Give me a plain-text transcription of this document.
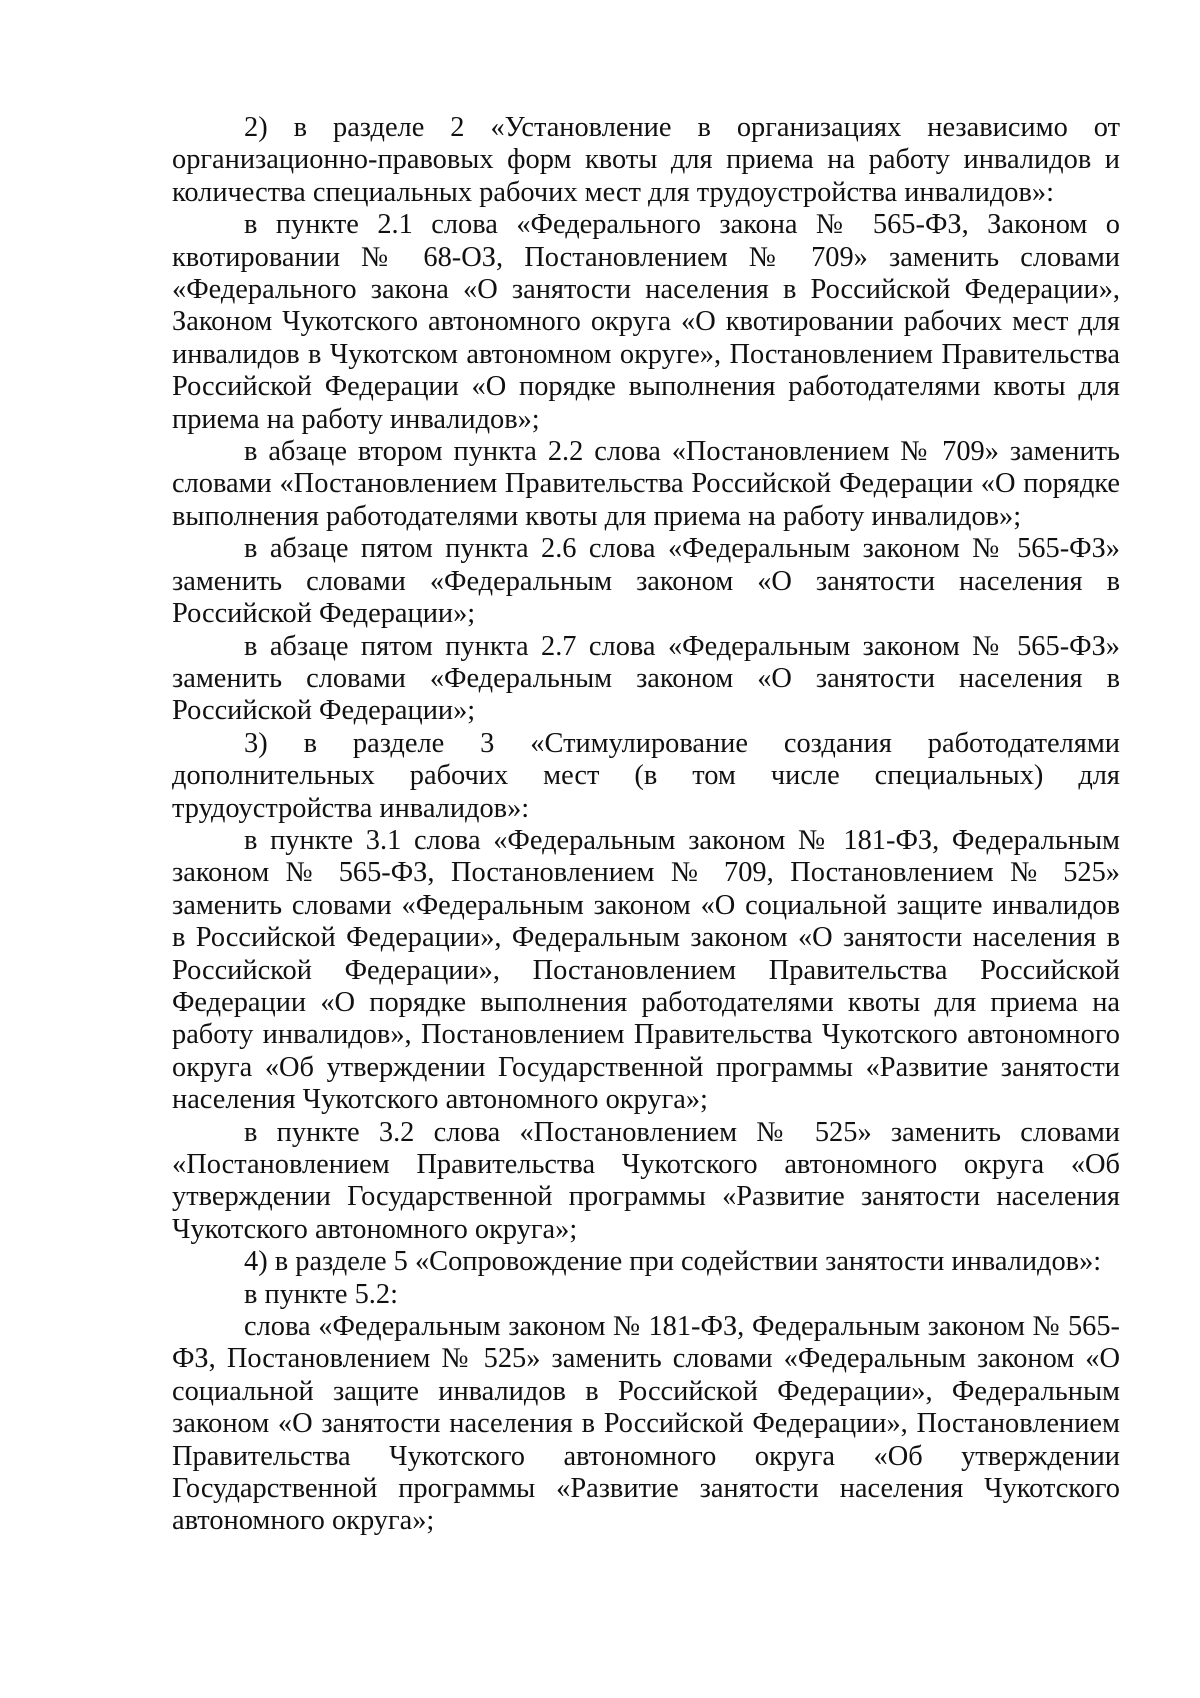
2) в разделе 2 «Установление в организациях независимо от организационно-правовых форм квоты для приема на работу инвалидов и количества специальных рабочих мест для трудоустройства инвалидов»:

в пункте 2.1 слова «Федерального закона № 565-ФЗ, Законом о квотировании № 68-ОЗ, Постановлением № 709» заменить словами «Федерального закона «О занятости населения в Российской Федерации», Законом Чукотского автономного округа «О квотировании рабочих мест для инвалидов в Чукотском автономном округе», Постановлением Правительства Российской Федерации «О порядке выполнения работодателями квоты для приема на работу инвалидов»;

в абзаце втором пункта 2.2 слова «Постановлением № 709» заменить словами «Постановлением Правительства Российской Федерации «О порядке выполнения работодателями квоты для приема на работу инвалидов»;

в абзаце пятом пункта 2.6 слова «Федеральным законом № 565-ФЗ» заменить словами «Федеральным законом «О занятости населения в Российской Федерации»;

в абзаце пятом пункта 2.7 слова «Федеральным законом № 565-ФЗ» заменить словами «Федеральным законом «О занятости населения в Российской Федерации»;

3) в разделе 3 «Стимулирование создания работодателями дополнительных рабочих мест (в том числе специальных) для трудоустройства инвалидов»:

в пункте 3.1 слова «Федеральным законом № 181-ФЗ, Федеральным законом № 565-ФЗ, Постановлением № 709, Постановлением № 525» заменить словами «Федеральным законом «О социальной защите инвалидов в Российской Федерации», Федеральным законом «О занятости населения в Российской Федерации», Постановлением Правительства Российской Федерации «О порядке выполнения работодателями квоты для приема на работу инвалидов», Постановлением Правительства Чукотского автономного округа «Об утверждении Государственной программы «Развитие занятости населения Чукотского автономного округа»;

в пункте 3.2 слова «Постановлением № 525» заменить словами «Постановлением Правительства Чукотского автономного округа «Об утверждении Государственной программы «Развитие занятости населения Чукотского автономного округа»;

4) в разделе 5 «Сопровождение при содействии занятости инвалидов»:

в пункте 5.2:

слова «Федеральным законом № 181-ФЗ, Федеральным законом № 565-ФЗ, Постановлением № 525» заменить словами «Федеральным законом «О социальной защите инвалидов в Российской Федерации», Федеральным законом «О занятости населения в Российской Федерации», Постановлением Правительства Чукотского автономного округа «Об утверждении Государственной программы «Развитие занятости населения Чукотского автономного округа»;
